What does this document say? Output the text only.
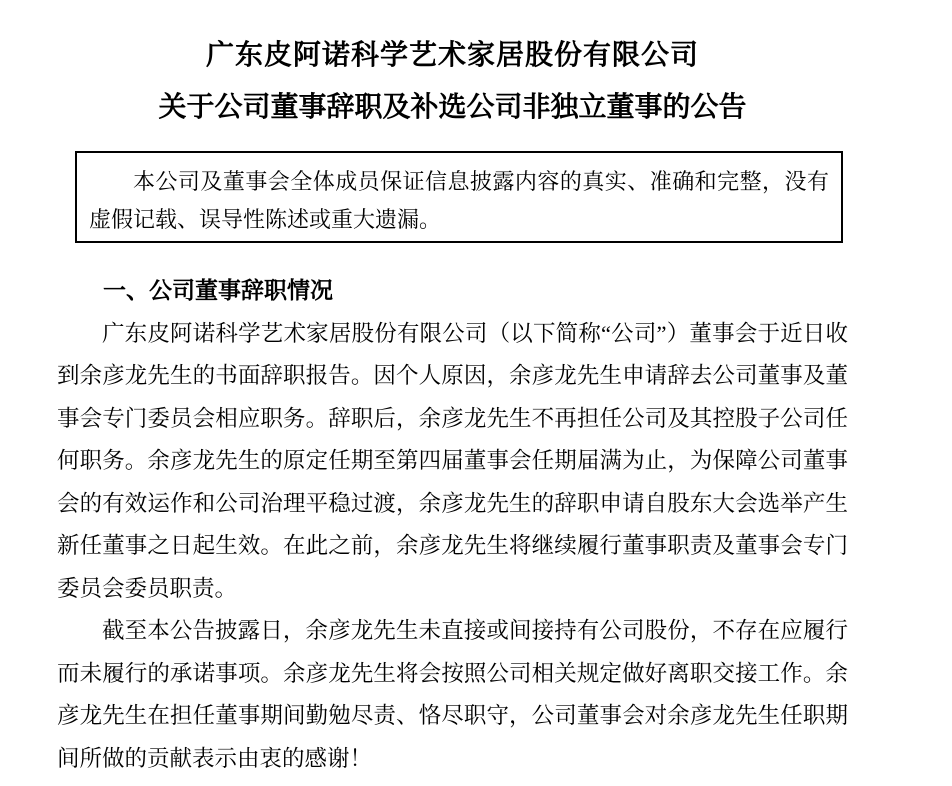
广东皮阿诺科学艺术家居股份有限公司
关于公司董事辞职及补选公司非独立董事的公告

本公司及董事会全体成员保证信息披露内容的真实、准确和完整，没有虚假记载、误导性陈述或重大遗漏。

一、公司董事辞职情况

广东皮阿诺科学艺术家居股份有限公司（以下简称“公司”）董事会于近日收到余彦龙先生的书面辞职报告。因个人原因，余彦龙先生申请辞去公司董事及董事会专门委员会相应职务。辞职后，余彦龙先生不再担任公司及其控股子公司任何职务。余彦龙先生的原定任期至第四届董事会任期届满为止，为保障公司董事会的有效运作和公司治理平稳过渡，余彦龙先生的辞职申请自股东大会选举产生新任董事之日起生效。在此之前，余彦龙先生将继续履行董事职责及董事会专门委员会委员职责。

截至本公告披露日，余彦龙先生未直接或间接持有公司股份，不存在应履行而未履行的承诺事项。余彦龙先生将会按照公司相关规定做好离职交接工作。余彦龙先生在担任董事期间勤勉尽责、恪尽职守，公司董事会对余彦龙先生任职期间所做的贡献表示由衷的感谢！
